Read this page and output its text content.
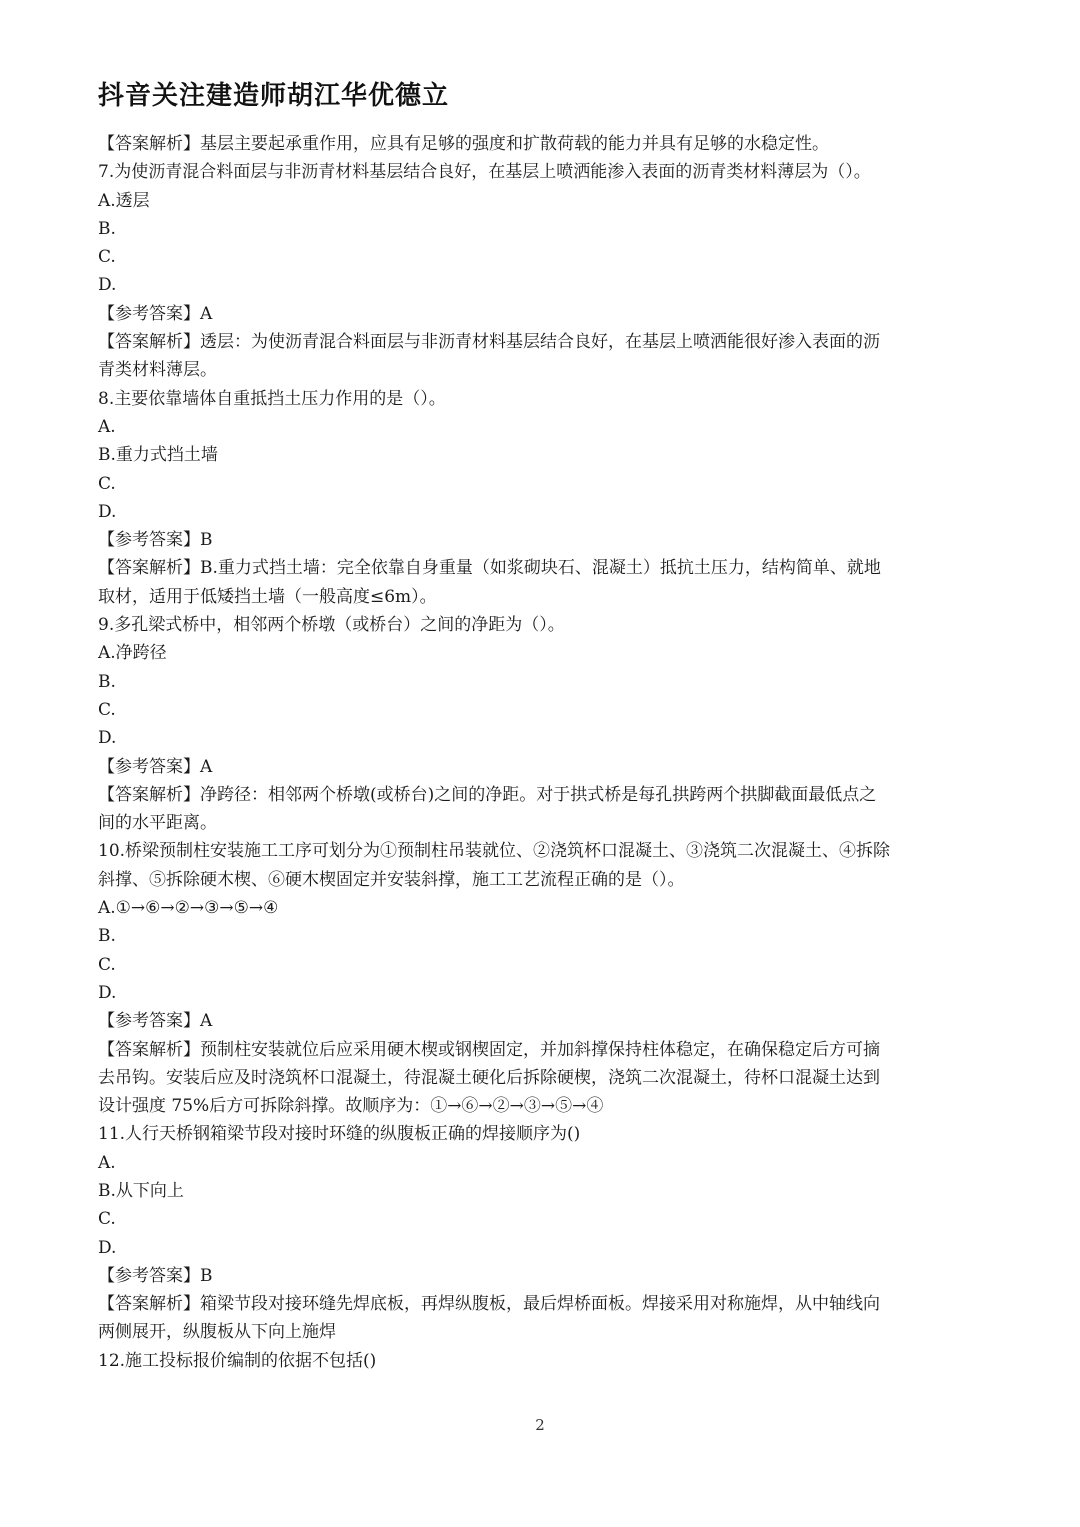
抖音关注建造师胡江华优德立
【答案解析】基层主要起承重作用，应具有足够的强度和扩散荷载的能力并具有足够的水稳定性。
7.为使沥青混合料面层与非沥青材料基层结合良好，在基层上喷洒能渗入表面的沥青类材料薄层为（）。
A.透层
B.
C.
D.
【参考答案】A
【答案解析】透层：为使沥青混合料面层与非沥青材料基层结合良好，在基层上喷洒能很好渗入表面的沥
青类材料薄层。
8.主要依靠墙体自重抵挡土压力作用的是（）。
A.
B.重力式挡土墙
C.
D.
【参考答案】B
【答案解析】B.重力式挡土墙：完全依靠自身重量（如浆砌块石、混凝土）抵抗土压力，结构简单、就地
取材，适用于低矮挡土墙（一般高度≤6m）。
9.多孔梁式桥中，相邻两个桥墩（或桥台）之间的净距为（）。
A.净跨径
B.
C.
D.
【参考答案】A
【答案解析】净跨径：相邻两个桥墩(或桥台)之间的净距。对于拱式桥是每孔拱跨两个拱脚截面最低点之
间的水平距离。
10.桥梁预制柱安装施工工序可划分为①预制柱吊装就位、②浇筑杯口混凝土、③浇筑二次混凝土、④拆除
斜撑、⑤拆除硬木楔、⑥硬木楔固定并安装斜撑，施工工艺流程正确的是（）。
A.①→⑥→②→③→⑤→④
B.
C.
D.
【参考答案】A
【答案解析】预制柱安装就位后应采用硬木楔或钢楔固定，并加斜撑保持柱体稳定，在确保稳定后方可摘
去吊钩。安装后应及时浇筑杯口混凝土，待混凝土硬化后拆除硬楔，浇筑二次混凝土，待杯口混凝土达到
设计强度 75%后方可拆除斜撑。故顺序为：①→⑥→②→③→⑤→④
11.人行天桥钢箱梁节段对接时环缝的纵腹板正确的焊接顺序为()
A.
B.从下向上
C.
D.
【参考答案】B
【答案解析】箱梁节段对接环缝先焊底板，再焊纵腹板，最后焊桥面板。焊接采用对称施焊，从中轴线向
两侧展开，纵腹板从下向上施焊
12.施工投标报价编制的依据不包括()
2
